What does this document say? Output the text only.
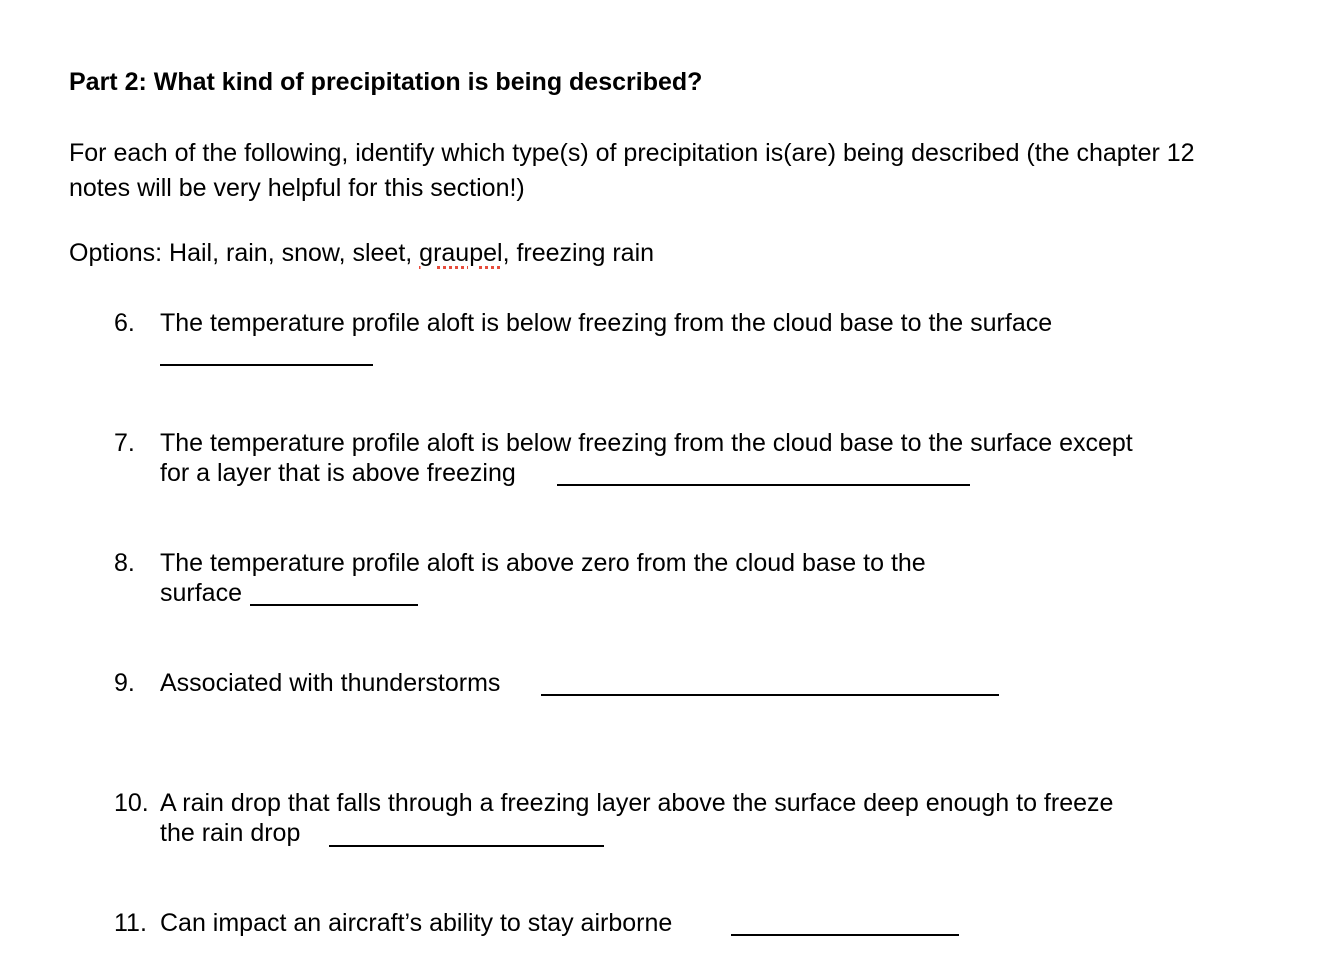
Part 2: What kind of precipitation is being described?
For each of the following, identify which type(s) of precipitation is(are) being described (the chapter 12 notes will be very helpful for this section!)
Options: Hail, rain, snow, sleet, graupel, freezing rain
6. The temperature profile aloft is below freezing from the cloud base to the surface
7. The temperature profile aloft is below freezing from the cloud base to the surface except
for a layer that is above freezing
8. The temperature profile aloft is above zero from the cloud base to the
surface
9. Associated with thunderstorms
10. A rain drop that falls through a freezing layer above the surface deep enough to freeze
the rain drop
11. Can impact an aircraft’s ability to stay airborne
